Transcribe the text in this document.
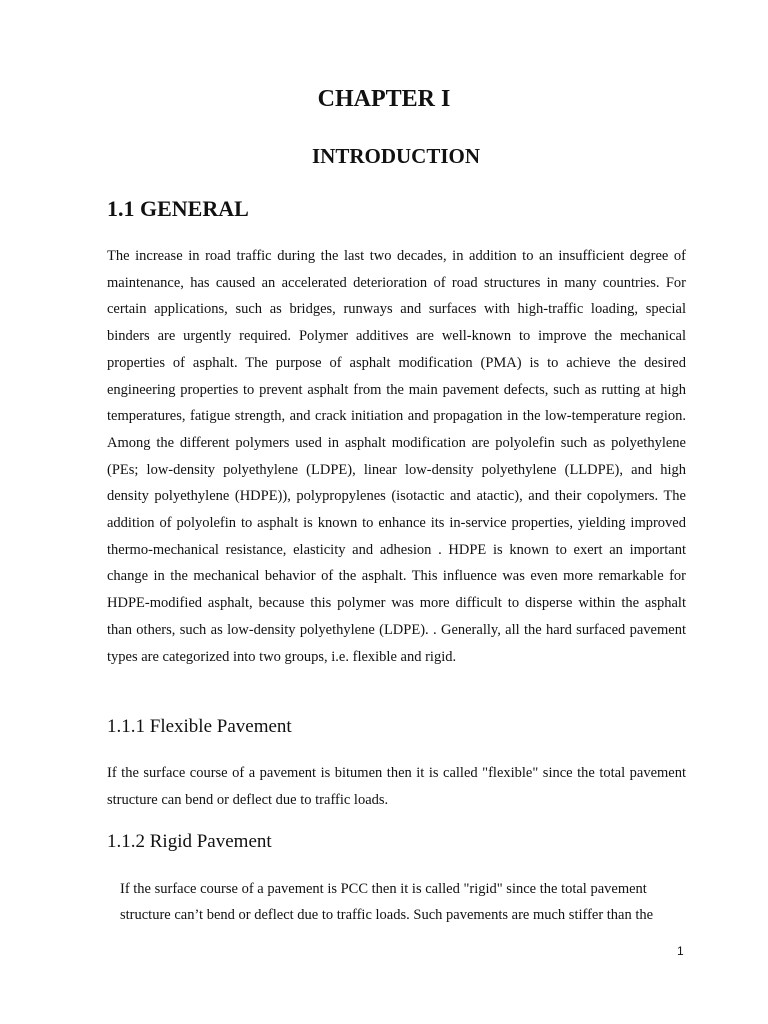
CHAPTER I
INTRODUCTION
1.1 GENERAL

The increase in road traffic during the last two decades, in addition to an insufficient degree of maintenance, has caused an accelerated deterioration of road structures in many countries. For certain applications, such as bridges, runways and surfaces with high-traffic loading, special binders are urgently required. Polymer additives are well-known to improve the mechanical properties of asphalt. The purpose of asphalt modification (PMA) is to achieve the desired engineering properties to prevent asphalt from the main pavement defects, such as rutting at high temperatures, fatigue strength, and crack initiation and propagation in the low-temperature region. Among the different polymers used in asphalt modification are polyolefin such as polyethylene (PEs; low-density polyethylene (LDPE), linear low-density polyethylene (LLDPE), and high density polyethylene (HDPE)), polypropylenes (isotactic and atactic), and their copolymers. The addition of polyolefin to asphalt is known to enhance its in-service properties, yielding improved thermo-mechanical resistance, elasticity and adhesion . HDPE is known to exert an important change in the mechanical behavior of the asphalt. This influence was even more remarkable for HDPE-modified asphalt, because this polymer was more difficult to disperse within the asphalt than others, such as low-density polyethylene (LDPE). . Generally, all the hard surfaced pavement types are categorized into two groups, i.e. flexible and rigid.

1.1.1 Flexible Pavement

If the surface course of a pavement is bitumen then it is called "flexible" since the total pavement structure can bend or deflect due to traffic loads.

1.1.2 Rigid Pavement

If the surface course of a pavement is PCC then it is called "rigid" since the total pavement structure can’t bend or deflect due to traffic loads. Such pavements are much stiffer than the

1
